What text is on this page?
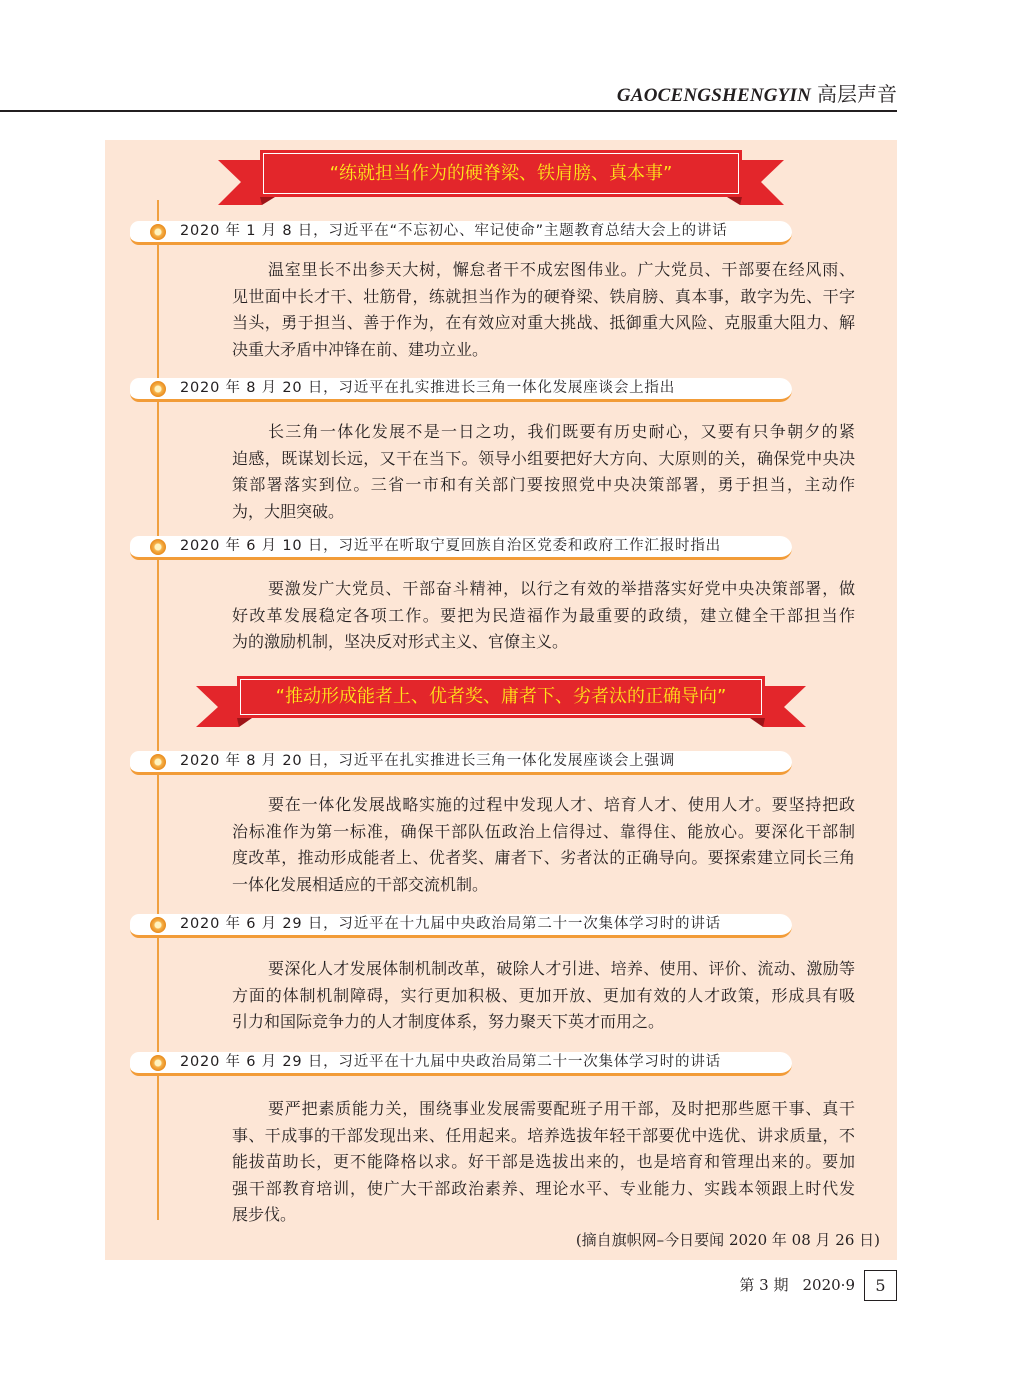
GAOCENGSHENGYIN 高层声音
“练就担当作为的硬脊梁、铁肩膀、真本事”
2020 年 1 月 8 日，习近平在“不忘初心、牢记使命”主题教育总结大会上的讲话
温室里长不出参天大树，懈怠者干不成宏图伟业。广大党员、干部要在经风雨、
见世面中长才干、壮筋骨，练就担当作为的硬脊梁、铁肩膀、真本事，敢字为先、干字
当头，勇于担当、善于作为，在有效应对重大挑战、抵御重大风险、克服重大阻力、解
决重大矛盾中冲锋在前、建功立业。
2020 年 8 月 20 日，习近平在扎实推进长三角一体化发展座谈会上指出
长三角一体化发展不是一日之功，我们既要有历史耐心，又要有只争朝夕的紧
迫感，既谋划长远，又干在当下。领导小组要把好大方向、大原则的关，确保党中央决
策部署落实到位。三省一市和有关部门要按照党中央决策部署，勇于担当，主动作
为，大胆突破。
2020 年 6 月 10 日，习近平在听取宁夏回族自治区党委和政府工作汇报时指出
要激发广大党员、干部奋斗精神，以行之有效的举措落实好党中央决策部署，做
好改革发展稳定各项工作。要把为民造福作为最重要的政绩，建立健全干部担当作
为的激励机制，坚决反对形式主义、官僚主义。
“推动形成能者上、优者奖、庸者下、劣者汰的正确导向”
2020 年 8 月 20 日，习近平在扎实推进长三角一体化发展座谈会上强调
要在一体化发展战略实施的过程中发现人才、培育人才、使用人才。要坚持把政
治标准作为第一标准，确保干部队伍政治上信得过、靠得住、能放心。要深化干部制
度改革，推动形成能者上、优者奖、庸者下、劣者汰的正确导向。要探索建立同长三角
一体化发展相适应的干部交流机制。
2020 年 6 月 29 日，习近平在十九届中央政治局第二十一次集体学习时的讲话
要深化人才发展体制机制改革，破除人才引进、培养、使用、评价、流动、激励等
方面的体制机制障碍，实行更加积极、更加开放、更加有效的人才政策，形成具有吸
引力和国际竞争力的人才制度体系，努力聚天下英才而用之。
2020 年 6 月 29 日，习近平在十九届中央政治局第二十一次集体学习时的讲话
要严把素质能力关，围绕事业发展需要配班子用干部，及时把那些愿干事、真干
事、干成事的干部发现出来、任用起来。培养选拔年轻干部要优中选优、讲求质量，不
能拔苗助长，更不能降格以求。好干部是选拔出来的，也是培育和管理出来的。要加
强干部教育培训，使广大干部政治素养、理论水平、专业能力、实践本领跟上时代发
展步伐。
(摘自旗帜网–今日要闻 2020 年 08 月 26 日)
第 3 期 2020·9	5
